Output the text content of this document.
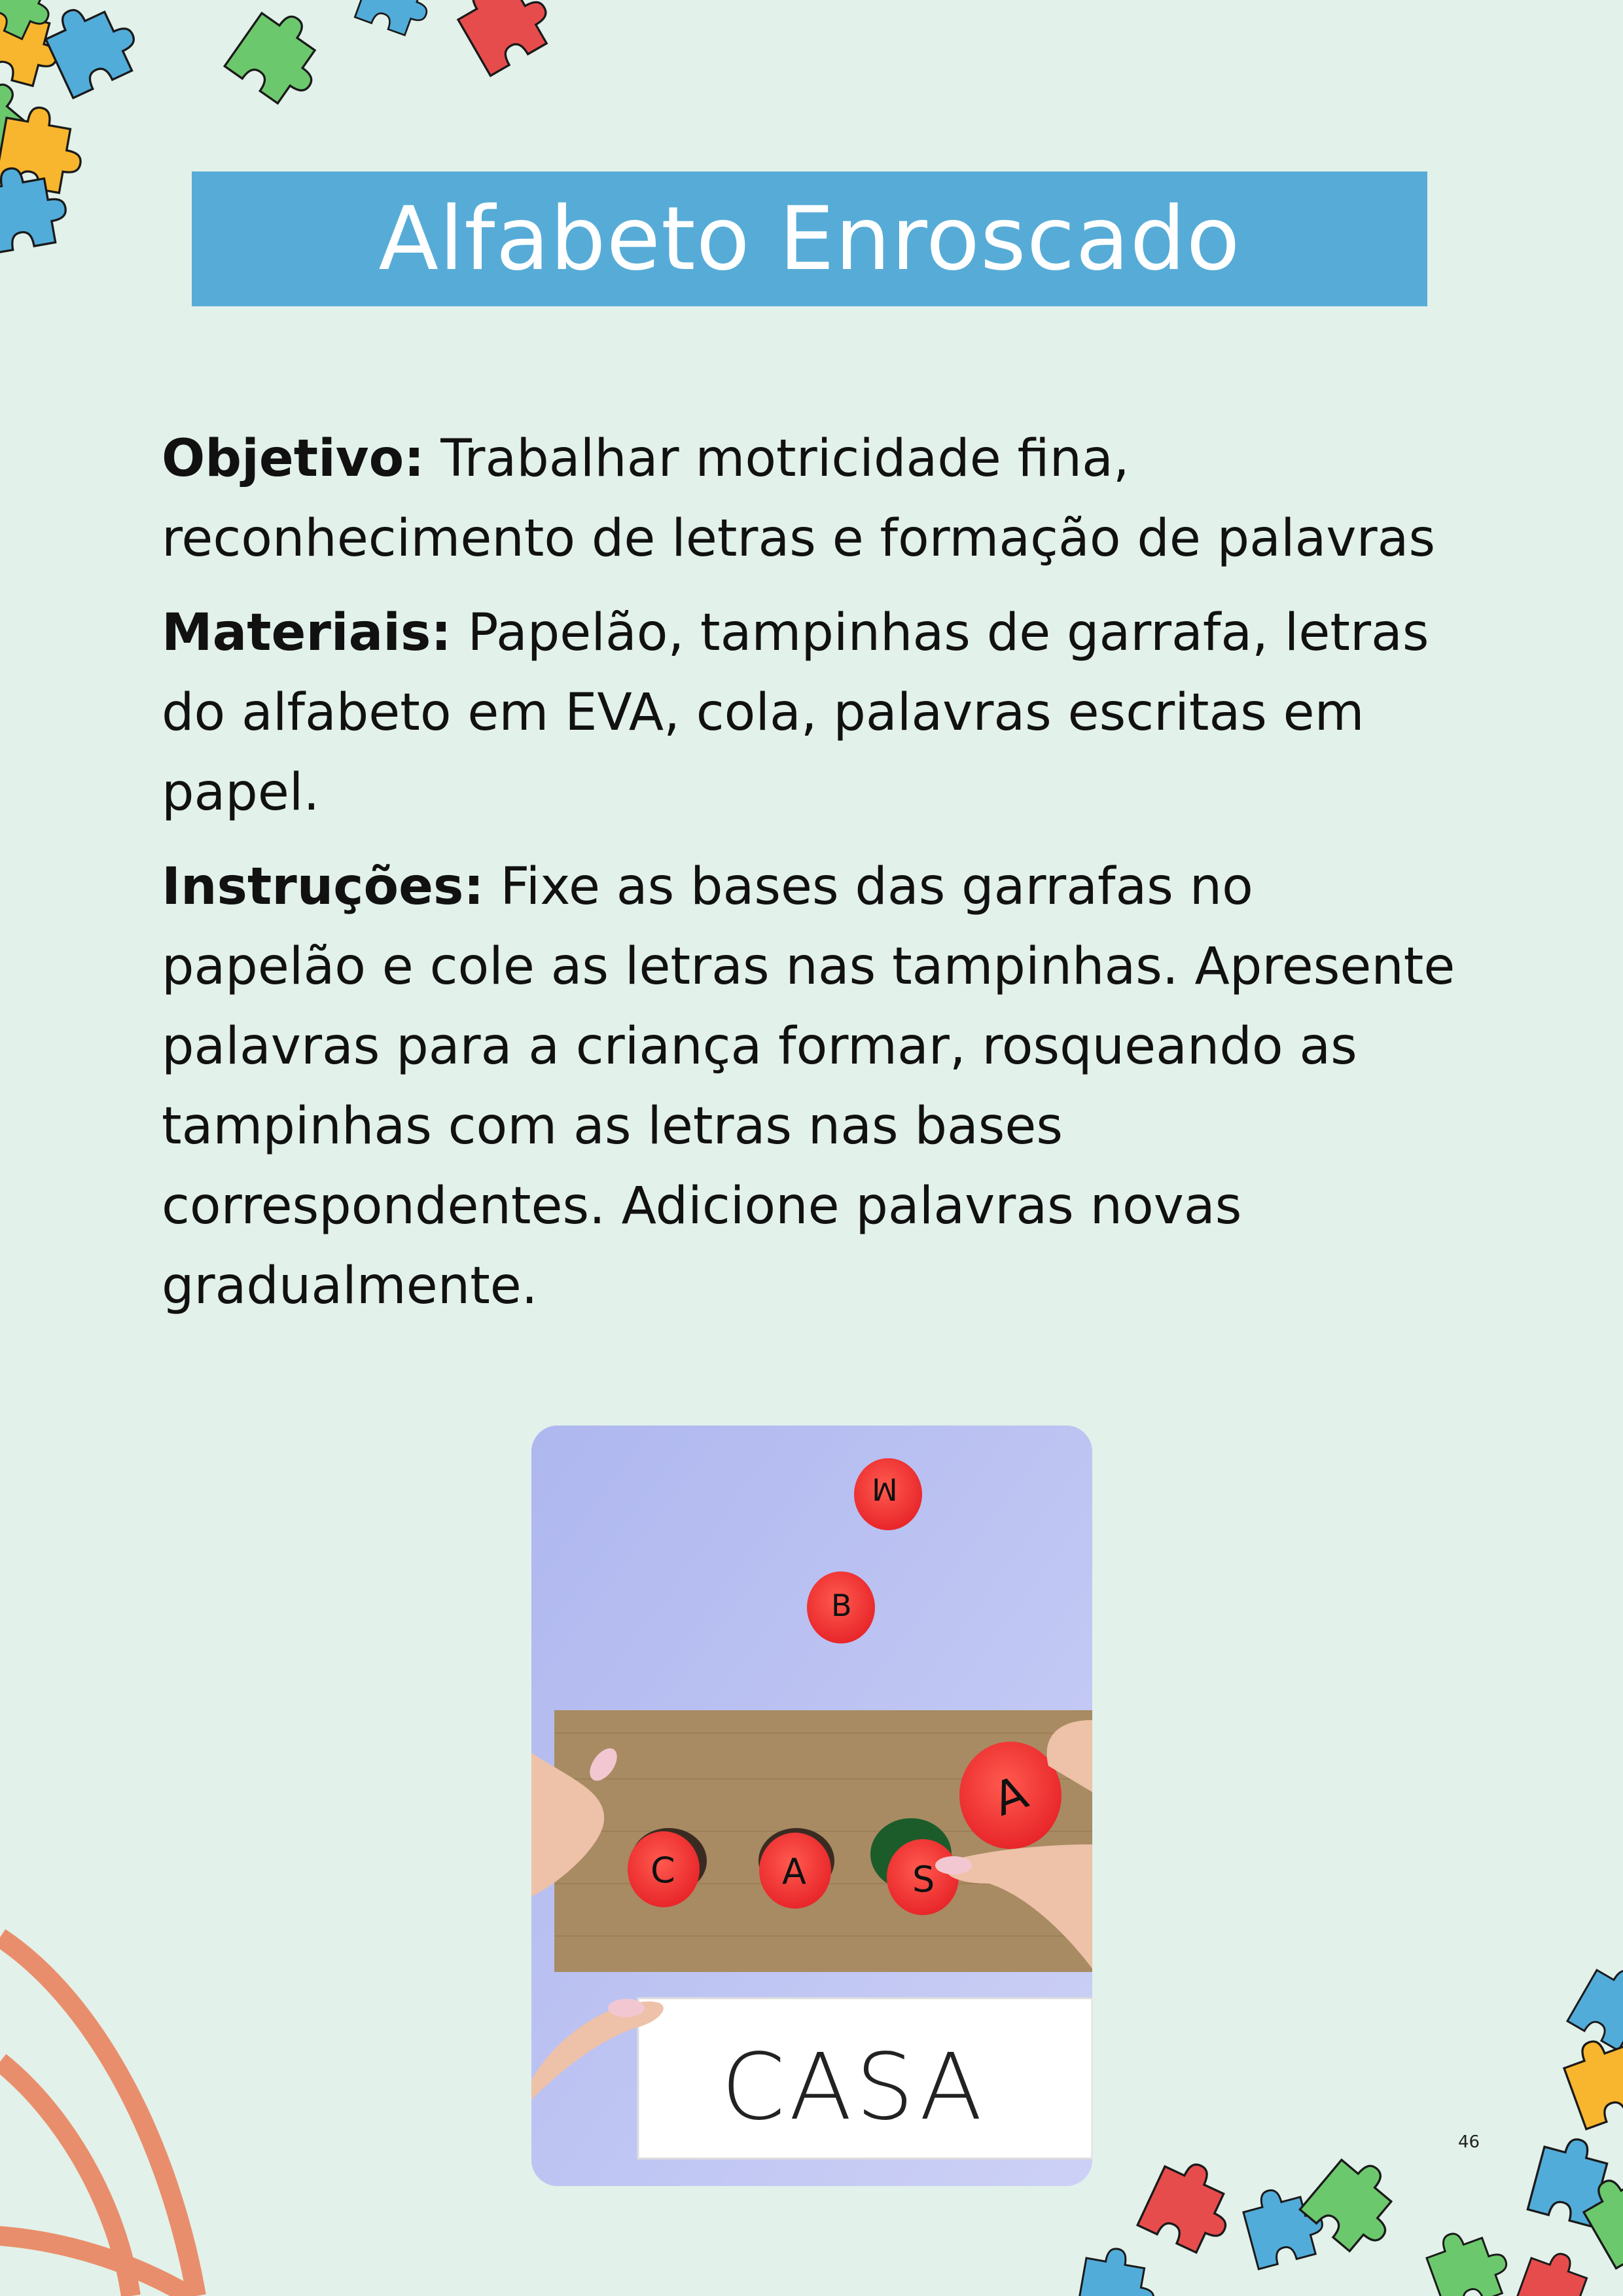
Alfabeto Enroscado

Objetivo: Trabalhar motricidade fina, reconhecimento de letras e formação de palavras

Materiais: Papelão, tampinhas de garrafa, letras do alfabeto em EVA, cola, palavras escritas em papel.

Instruções: Fixe as bases das garrafas no papelão e cole as letras nas tampinhas. Apresente palavras para a criança formar, rosqueando as tampinhas com as letras nas bases correspondentes. Adicione palavras novas gradualmente.

M
B
C	A	S
A
CASA
46
